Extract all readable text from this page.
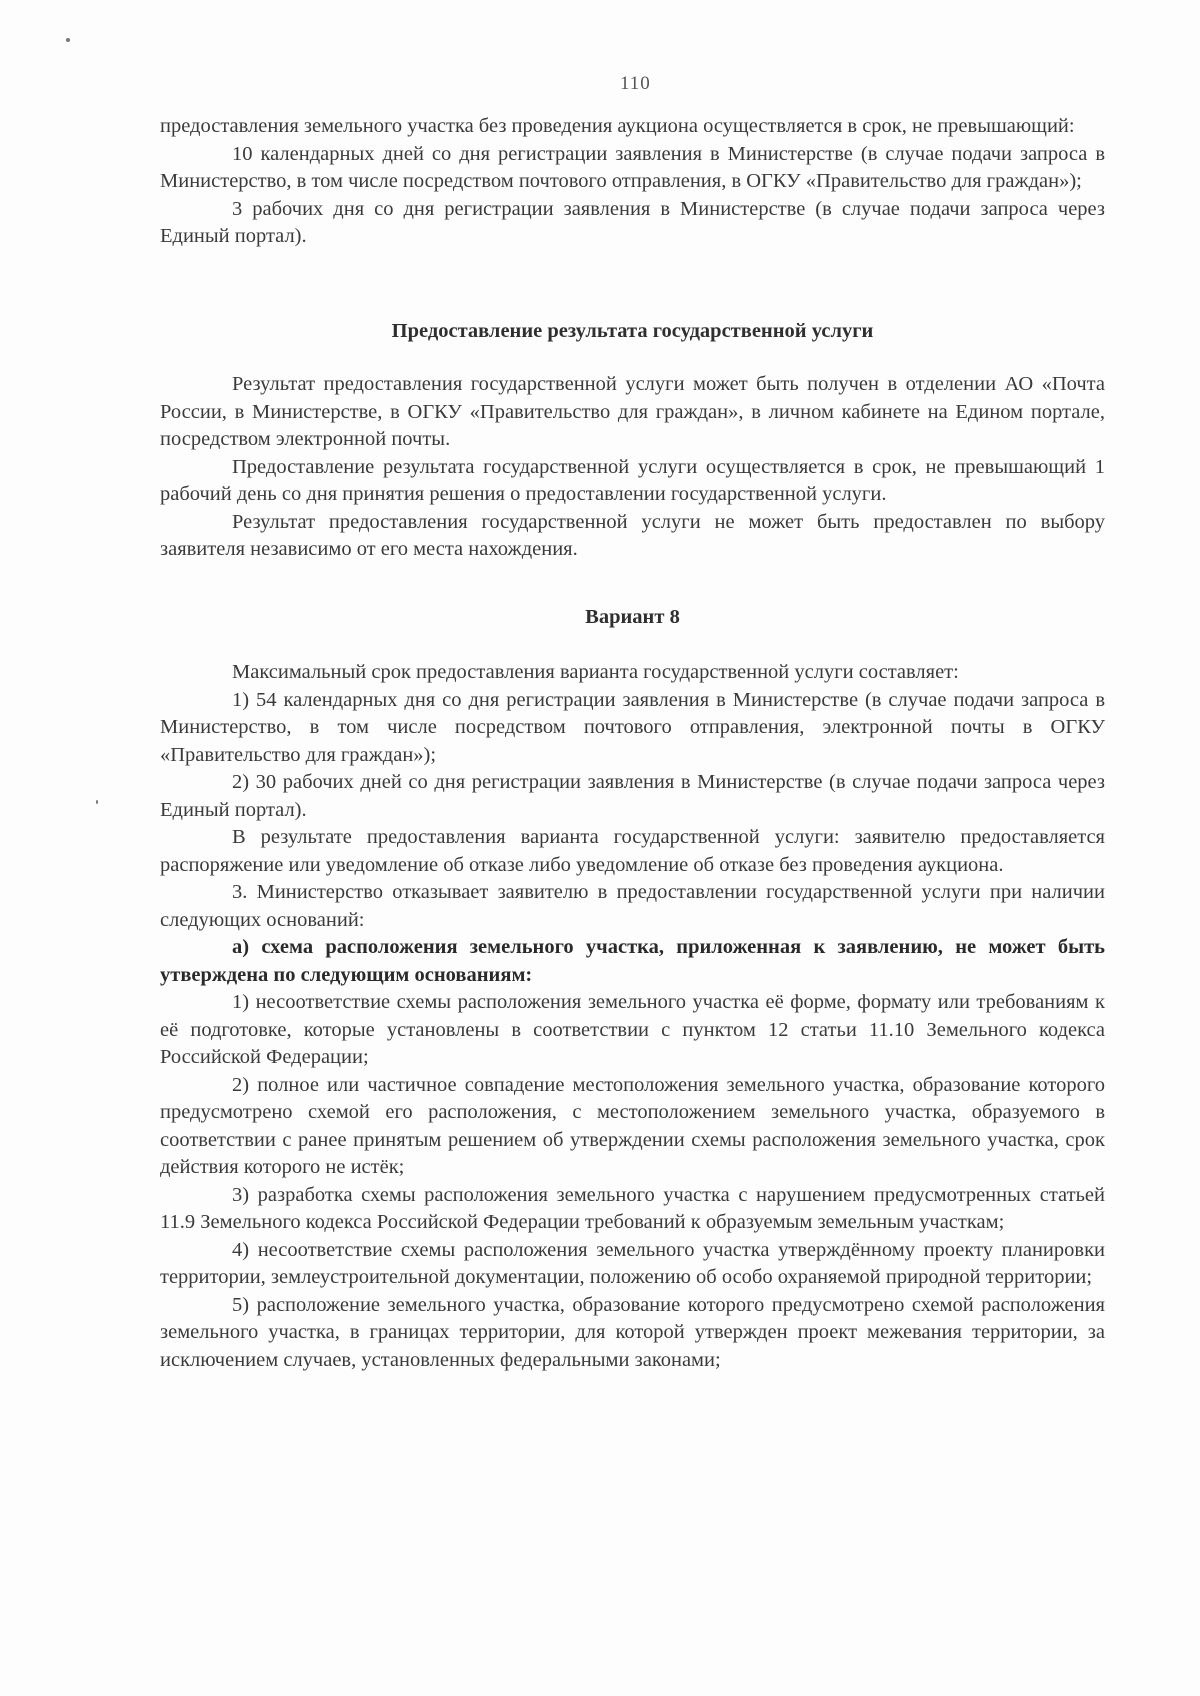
110

предоставления земельного участка без проведения аукциона осуществляется в срок, не превышающий:

10 календарных дней со дня регистрации заявления в Министерстве (в случае подачи запроса в Министерство, в том числе посредством почтового отправления, в ОГКУ «Правительство для граждан»);

3 рабочих дня со дня регистрации заявления в Министерстве (в случае подачи запроса через Единый портал).

Предоставление результата государственной услуги

Результат предоставления государственной услуги может быть получен в отделении АО «Почта России, в Министерстве, в ОГКУ «Правительство для граждан», в личном кабинете на Едином портале, посредством электронной почты.

Предоставление результата государственной услуги осуществляется в срок, не превышающий 1 рабочий день со дня принятия решения о предоставлении государственной услуги.

Результат предоставления государственной услуги не может быть предоставлен по выбору заявителя независимо от его места нахождения.

Вариант 8

Максимальный срок предоставления варианта государственной услуги составляет:

1) 54 календарных дня со дня регистрации заявления в Министерстве (в случае подачи запроса в Министерство, в том числе посредством почтового отправления, электронной почты в ОГКУ «Правительство для граждан»);

2) 30 рабочих дней со дня регистрации заявления в Министерстве (в случае подачи запроса через Единый портал).

В результате предоставления варианта государственной услуги: заявителю предоставляется распоряжение или уведомление об отказе либо уведомление об отказе без проведения аукциона.

3. Министерство отказывает заявителю в предоставлении государственной услуги при наличии следующих оснований:

а) схема расположения земельного участка, приложенная к заявлению, не может быть утверждена по следующим основаниям:

1) несоответствие схемы расположения земельного участка её форме, формату или требованиям к её подготовке, которые установлены в соответствии с пунктом 12 статьи 11.10 Земельного кодекса Российской Федерации;

2) полное или частичное совпадение местоположения земельного участка, образование которого предусмотрено схемой его расположения, с местоположением земельного участка, образуемого в соответствии с ранее принятым решением об утверждении схемы расположения земельного участка, срок действия которого не истёк;

3) разработка схемы расположения земельного участка с нарушением предусмотренных статьей 11.9 Земельного кодекса Российской Федерации требований к образуемым земельным участкам;

4) несоответствие схемы расположения земельного участка утверждённому проекту планировки территории, землеустроительной документации, положению об особо охраняемой природной территории;

5) расположение земельного участка, образование которого предусмотрено схемой расположения земельного участка, в границах территории, для которой утвержден проект межевания территории, за исключением случаев, установленных федеральными законами;
